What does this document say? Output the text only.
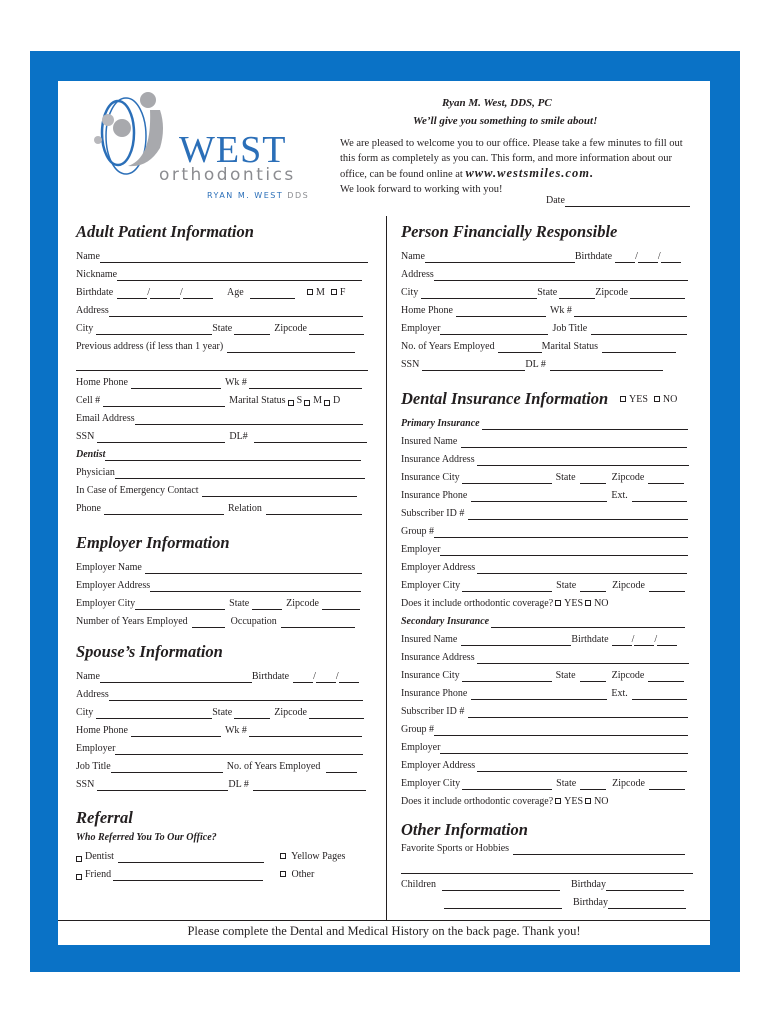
WEST
orthodontics
RYAN M. WEST DDS
Ryan M. West, DDS, PC
We’ll give you something to smile about!
We are pleased to welcome you to our office. Please take a few minutes to fill out this form as completely as you can. This form, and more information about our office, can be found online at www.westsmiles.com.
We look forward to working with you!
Date
Adult Patient Information
Name
Nickname
Birthdate	/	/	Age	M F
Address
City	State	Zipcode
Previous address (if less than 1 year)
Home Phone	Wk #
Cell #	Marital Status S M D
Email Address
SSN	DL#
Dentist
Physician
In Case of Emergency Contact
Phone	Relation
Employer Information
Employer Name
Employer Address
Employer City	State	Zipcode
Number of Years Employed	Occupation
Spouse’s Information
Name	Birthdate / /
Address
City	State	Zipcode
Home Phone	Wk #
Employer
Job Title	No. of Years Employed
SSN	DL #
Referral
Who Referred You To Our Office?
Dentist
Friend
Yellow Pages
Other
Person Financially Responsible
Name	Birthdate / /
Address
City	State	Zipcode
Home Phone	Wk #
Employer	Job Title
No. of Years Employed	Marital Status
SSN	DL #
Dental Insurance Information	YES NO
Primary Insurance
Insured Name
Insurance Address
Insurance City	State	Zipcode
Insurance Phone	Ext.
Subscriber ID #
Group #
Employer
Employer Address
Employer City	State	Zipcode
Does it include orthodontic coverage? YES NO
Secondary Insurance
Insured Name	Birthdate / /
Insurance Address
Insurance City	State	Zipcode
Insurance Phone	Ext.
Subscriber ID #
Group #
Employer
Employer Address
Employer City	State	Zipcode
Does it include orthodontic coverage? YES NO
Other Information
Favorite Sports or Hobbies
Children	Birthday
Birthday
Please complete the Dental and Medical History on the back page. Thank you!
